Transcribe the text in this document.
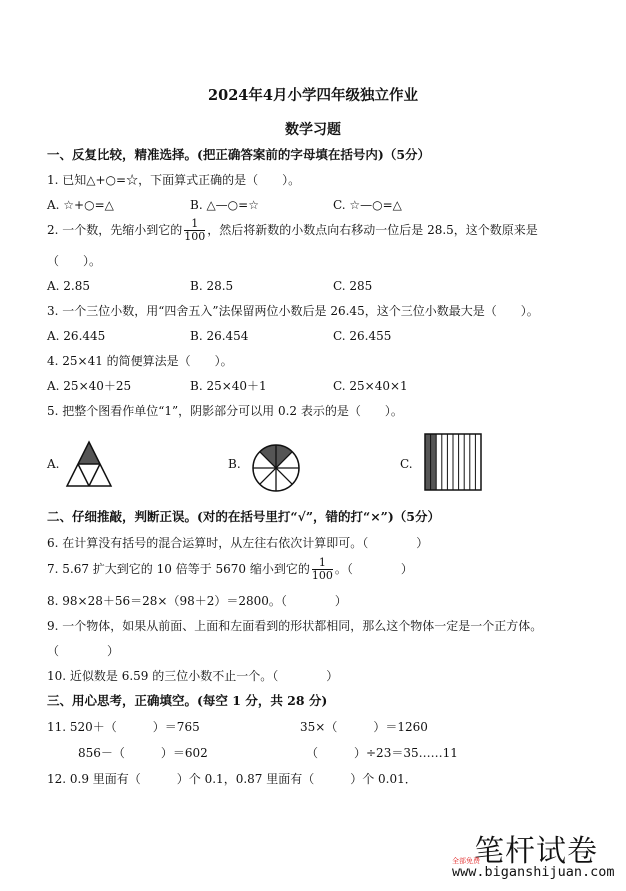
2024年4月小学四年级独立作业
数学习题
一、反复比较，精准选择。(把正确答案前的字母填在括号内)（5分）
1. 已知△+○=☆，下面算式正确的是（　　）。
A. ☆+○=△	B. △—○=☆	C. ☆—○=△
2. 一个数，先缩小到它的 $\frac{1}{100}$ ，然后将新数的小数点向右移动一位后是 28.5，这个数原来是
（　　）。
A. 2.85	B. 28.5	C. 285
3. 一个三位小数，用“四舍五入”法保留两位小数后是 26.45，这个三位小数最大是（　　）。
A. 26.445	B. 26.454	C. 26.455
4. 25×41 的简便算法是（　　）。
A. 25×40＋25	B. 25×40＋1	C. 25×40×1
5. 把整个图看作单位“1”，阴影部分可以用 0.2 表示的是（　　）。
A.	B.	C.
二、仔细推敲，判断正误。(对的在括号里打“√”，错的打“×”)（5分）
6. 在计算没有括号的混合运算时，从左往右依次计算即可。（　　　　）
7. 5.67 扩大到它的 10 倍等于 5670 缩小到它的 $\frac{1}{100}$ 。（　　　　）
8. 98×28＋56＝28×（98＋2）＝2800。（　　　　）
9. 一个物体，如果从前面、上面和左面看到的形状都相同，那么这个物体一定是一个正方体。
（　　　　）
10. 近似数是 6.59 的三位小数不止一个。（　　　　）
三、用心思考，正确填空。(每空 1 分，共 28 分)
11. 520＋（　　　）＝765	35×（　　　）＝1260
856－（　　　）＝602	（　　　）÷23＝35……11
12. 0.9 里面有（　　　）个 0.1，0.87 里面有（　　　）个 0.01．
笔杆试卷
全部免费
www.biganshijuan.com
